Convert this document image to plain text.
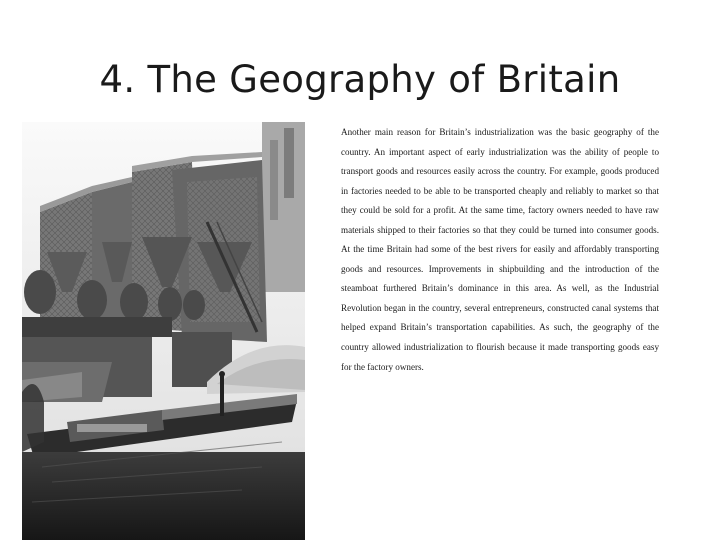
4. The Geography of Britain

Another main reason for Britain’s industrialization was the basic geography of the country. An important aspect of early industrialization was the ability of people to transport goods and resources easily across the country. For example, goods produced in factories needed to be able to be transported cheaply and reliably to market so that they could be sold for a profit. At the same time, factory owners needed to have raw materials shipped to their factories so that they could be turned into consumer goods. At the time Britain had some of the best rivers for easily and affordably transporting goods and resources. Improvements in shipbuilding and the introduction of the steamboat furthered Britain’s dominance in this area. As well, as the Industrial Revolution began in the country, several entrepreneurs, constructed canal systems that helped expand Britain’s transportation capabilities. As such, the geography of the country allowed industrialization to flourish because it made transporting goods easy for the factory owners.
